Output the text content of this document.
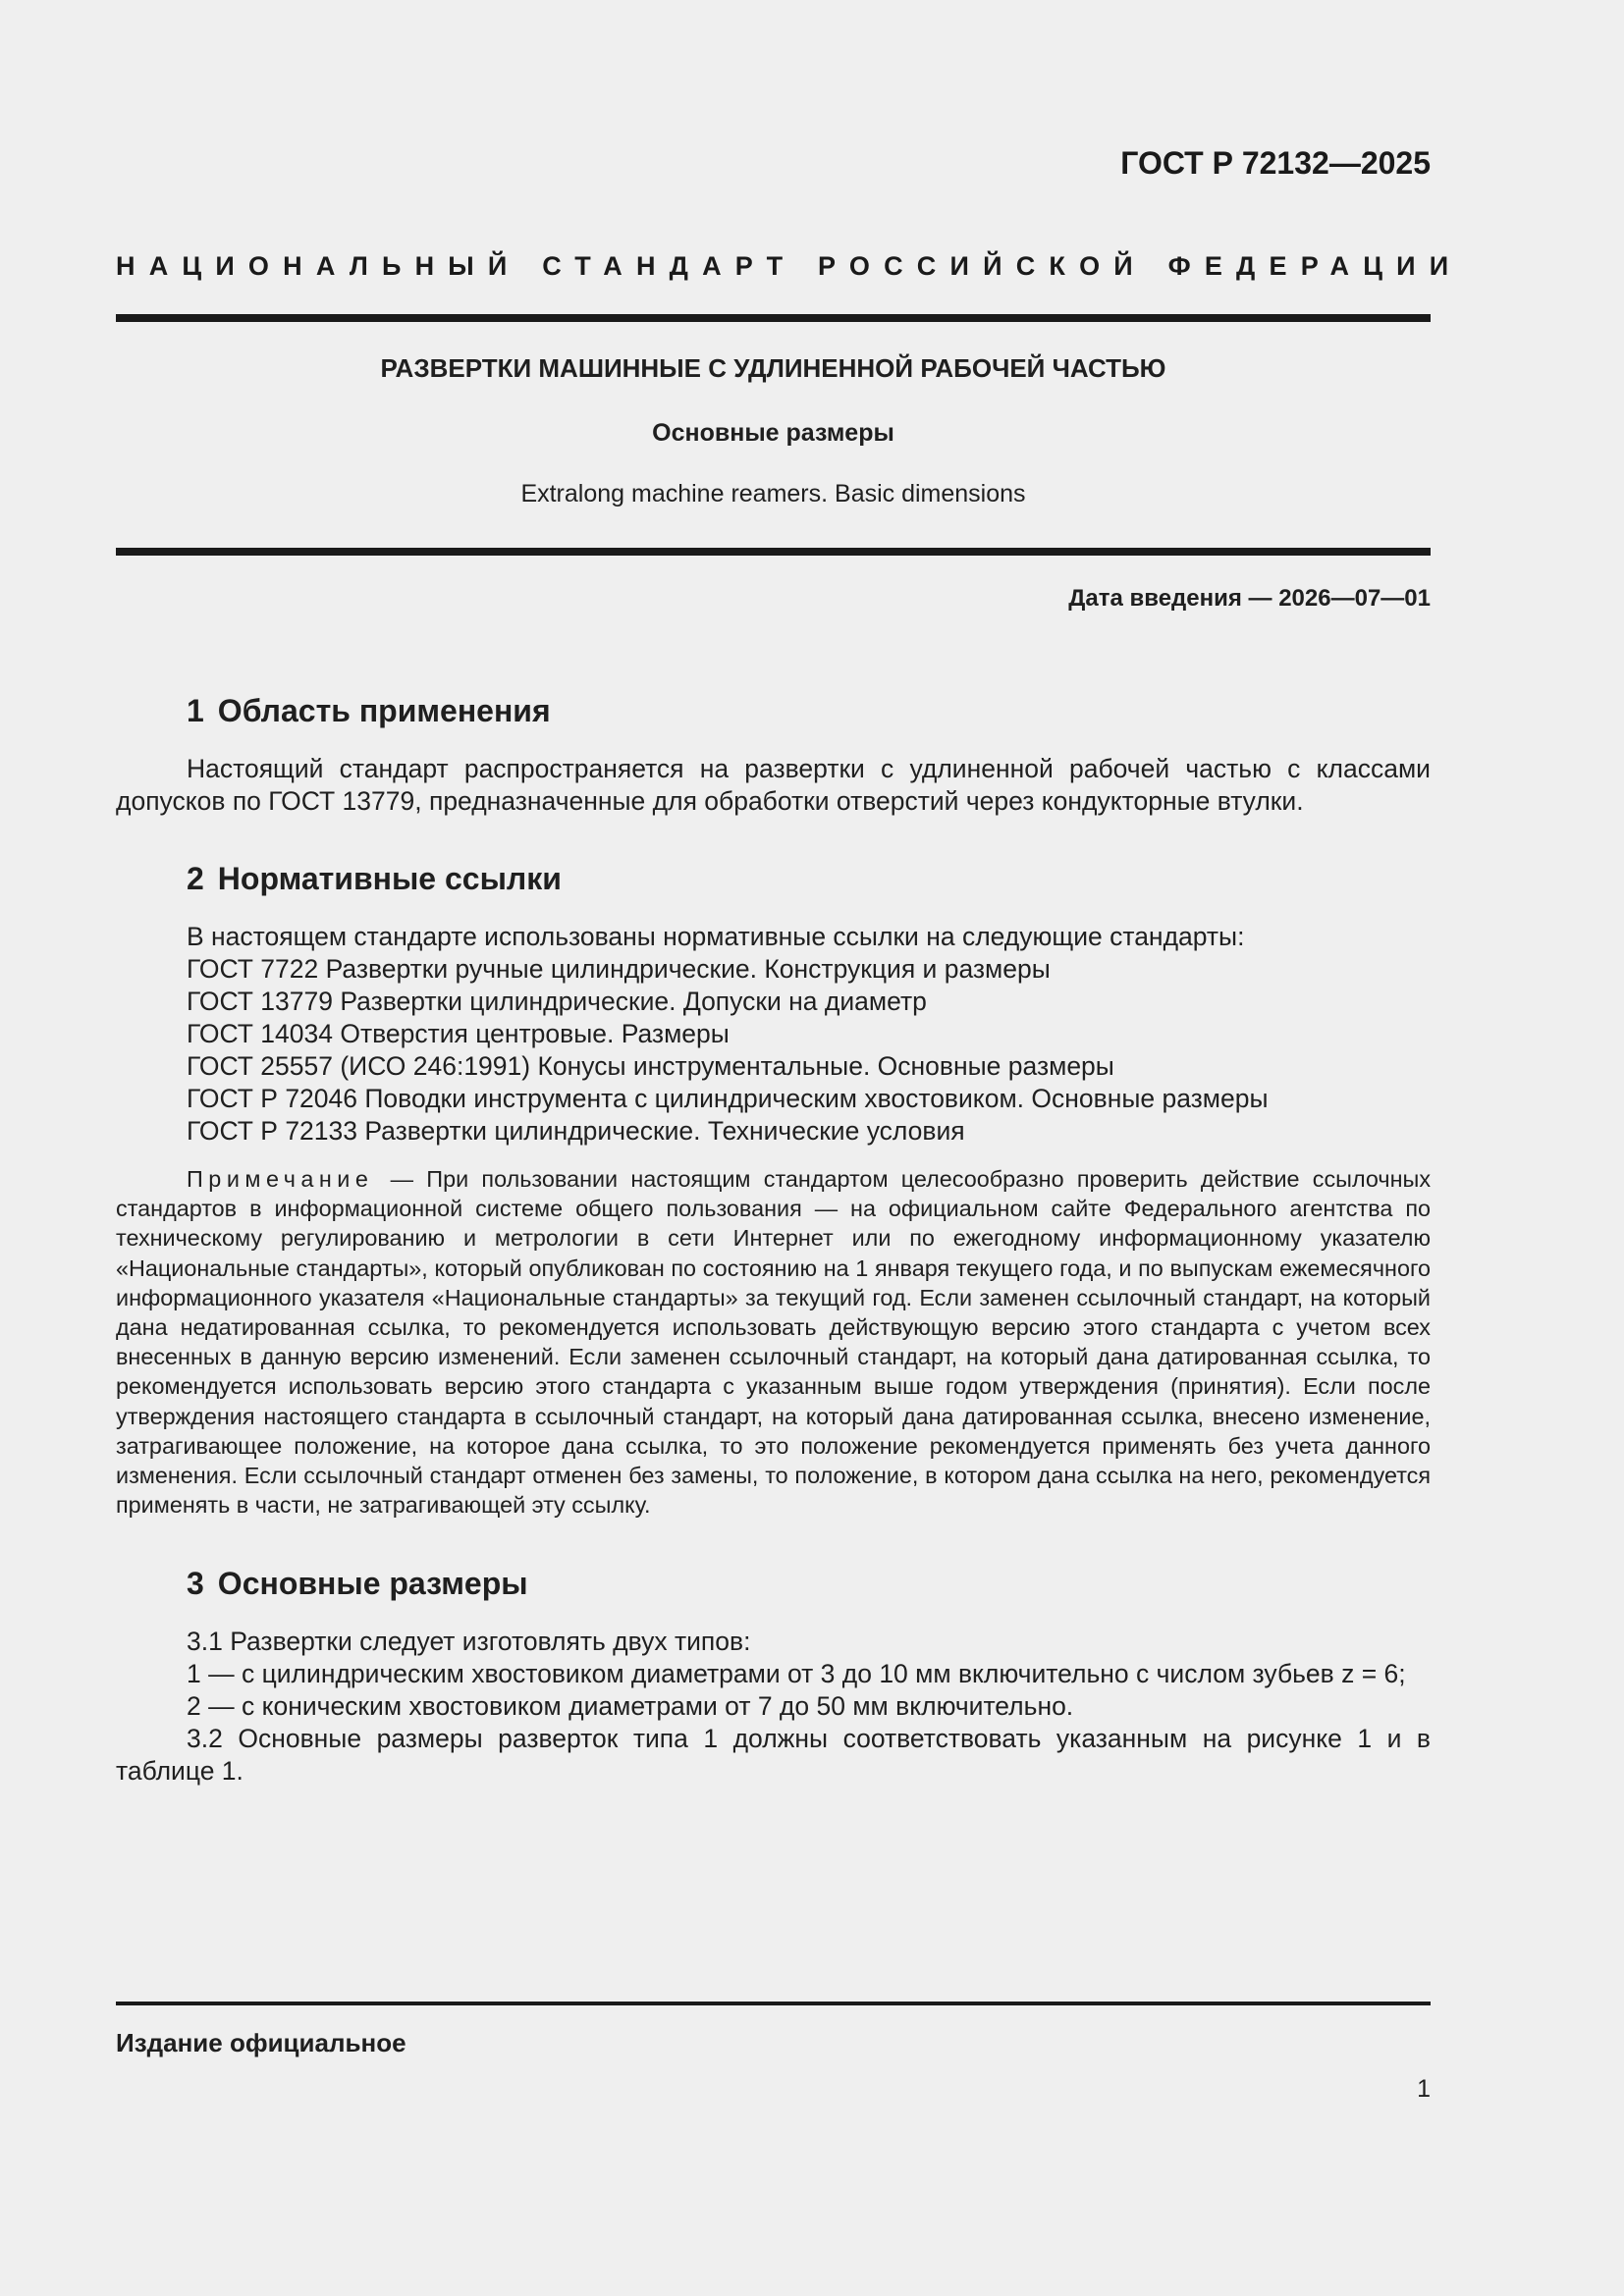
ГОСТ Р 72132—2025
НАЦИОНАЛЬНЫЙ СТАНДАРТ РОССИЙСКОЙ ФЕДЕРАЦИИ
РАЗВЕРТКИ МАШИННЫЕ С УДЛИНЕННОЙ РАБОЧЕЙ ЧАСТЬЮ
Основные размеры
Extralong machine reamers. Basic dimensions
Дата введения — 2026—07—01
1 Область применения
Настоящий стандарт распространяется на развертки с удлиненной рабочей частью с классами допусков по ГОСТ 13779, предназначенные для обработки отверстий через кондукторные втулки.
2 Нормативные ссылки
В настоящем стандарте использованы нормативные ссылки на следующие стандарты:
ГОСТ 7722 Развертки ручные цилиндрические. Конструкция и размеры
ГОСТ 13779 Развертки цилиндрические. Допуски на диаметр
ГОСТ 14034 Отверстия центровые. Размеры
ГОСТ 25557 (ИСО 246:1991) Конусы инструментальные. Основные размеры
ГОСТ Р 72046 Поводки инструмента с цилиндрическим хвостовиком. Основные размеры
ГОСТ Р 72133 Развертки цилиндрические. Технические условия
Примечание — При пользовании настоящим стандартом целесообразно проверить действие ссылочных стандартов в информационной системе общего пользования — на официальном сайте Федерального агентства по техническому регулированию и метрологии в сети Интернет или по ежегодному информационному указателю «Национальные стандарты», который опубликован по состоянию на 1 января текущего года, и по выпускам ежемесячного информационного указателя «Национальные стандарты» за текущий год. Если заменен ссылочный стандарт, на который дана недатированная ссылка, то рекомендуется использовать действующую версию этого стандарта с учетом всех внесенных в данную версию изменений. Если заменен ссылочный стандарт, на который дана датированная ссылка, то рекомендуется использовать версию этого стандарта с указанным выше годом утверждения (принятия). Если после утверждения настоящего стандарта в ссылочный стандарт, на который дана датированная ссылка, внесено изменение, затрагивающее положение, на которое дана ссылка, то это положение рекомендуется применять без учета данного изменения. Если ссылочный стандарт отменен без замены, то положение, в котором дана ссылка на него, рекомендуется применять в части, не затрагивающей эту ссылку.
3 Основные размеры
3.1 Развертки следует изготовлять двух типов:
1 — с цилиндрическим хвостовиком диаметрами от 3 до 10 мм включительно с числом зубьев z = 6;
2 — с коническим хвостовиком диаметрами от 7 до 50 мм включительно.
3.2 Основные размеры разверток типа 1 должны соответствовать указанным на рисунке 1 и в таблице 1.
Издание официальное
1
